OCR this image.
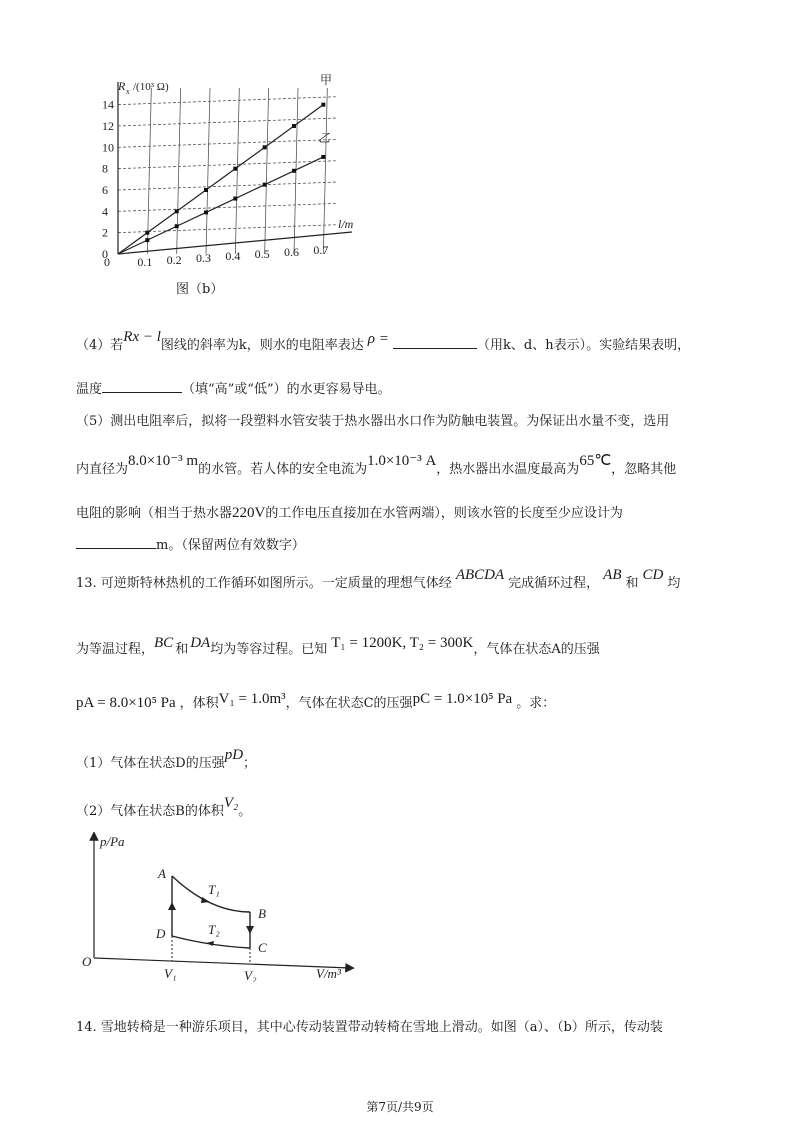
0
2
4
6
8
10
12
14
0.1 0.2 0.3 0.4 0.5 0.6 0.7
0
R x /(10³ Ω)
l/m
甲
乙
图（b）
（4）若Rx − l图线的斜率为k，则水的电阻率表达 ρ =	（用k、d、h表示）。实验结果表明，
温度	（填“高”或“低”）的水更容易导电。
（5）测出电阻率后，拟将一段塑料水管安装于热水器出水口作为防触电装置。为保证出水量不变，选用
内直径为8.0×10⁻³ m的水管。若人体的安全电流为1.0×10⁻³ A，热水器出水温度最高为65℃，忽略其他
电阻的影响（相当于热水器220V的工作电压直接加在水管两端），则该水管的长度至少应设计为
m。（保留两位有效数字）
13. 可逆斯特林热机的工作循环如图所示。一定质量的理想气体经ABCDA完成循环过程，AB和CD均
为等温过程，BC 和 DA均为等容过程。已知 T₁ = 1200K, T₂ = 300K，气体在状态A的压强
pA = 8.0×10⁵ Pa ，体积V₁ = 1.0m³，气体在状态C的压强pC = 1.0×10⁵ Pa 。求：
（1）气体在状态D的压强pD；
（2）气体在状态B的体积V₂。
p/Pa
V/m³
O
A
B
C
D
T₁
T₂
V₁	V₂
14. 雪地转椅是一种游乐项目，其中心传动装置带动转椅在雪地上滑动。如图（a）、（b）所示，传动装
第7页/共9页
